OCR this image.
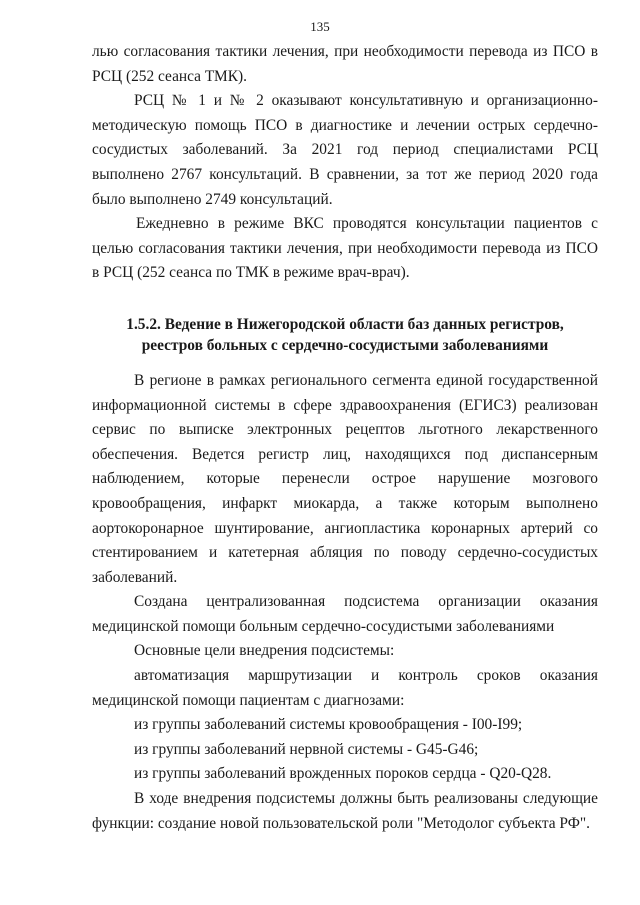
135

лью согласования тактики лечения, при необходимости перевода из ПСО в РСЦ (252 сеанса ТМК).

РСЦ № 1 и № 2 оказывают консультативную и организационно-методическую помощь ПСО в диагностике и лечении острых сердечно-сосудистых заболеваний. За 2021 год период специалистами РСЦ выполнено 2767 консультаций. В сравнении, за тот же период 2020 года было выполнено 2749 консультаций.

Ежедневно в режиме ВКС проводятся консультации пациентов с целью согласования тактики лечения, при необходимости перевода из ПСО в РСЦ (252 сеанса по ТМК в режиме врач-врач).

1.5.2. Ведение в Нижегородской области баз данных регистров,
реестров больных с сердечно-сосудистыми заболеваниями

В регионе в рамках регионального сегмента единой государственной информационной системы в сфере здравоохранения (ЕГИСЗ) реализован сервис по выписке электронных рецептов льготного лекарственного обеспечения. Ведется регистр лиц, находящихся под диспансерным наблюдением, которые перенесли острое нарушение мозгового кровообращения, инфаркт миокарда, а также которым выполнено аортокоронарное шунтирование, ангиопластика коронарных артерий со стентированием и катетерная абляция по поводу сердечно-сосудистых заболеваний.

Создана централизованная подсистема организации оказания медицинской помощи больным сердечно-сосудистыми заболеваниями

Основные цели внедрения подсистемы:

автоматизация маршрутизации и контроль сроков оказания медицинской помощи пациентам с диагнозами:

из группы заболеваний системы кровообращения - I00-I99;

из группы заболеваний нервной системы - G45-G46;

из группы заболеваний врожденных пороков сердца - Q20-Q28.

В ходе внедрения подсистемы должны быть реализованы следующие функции: создание новой пользовательской роли "Методолог субъекта РФ".
